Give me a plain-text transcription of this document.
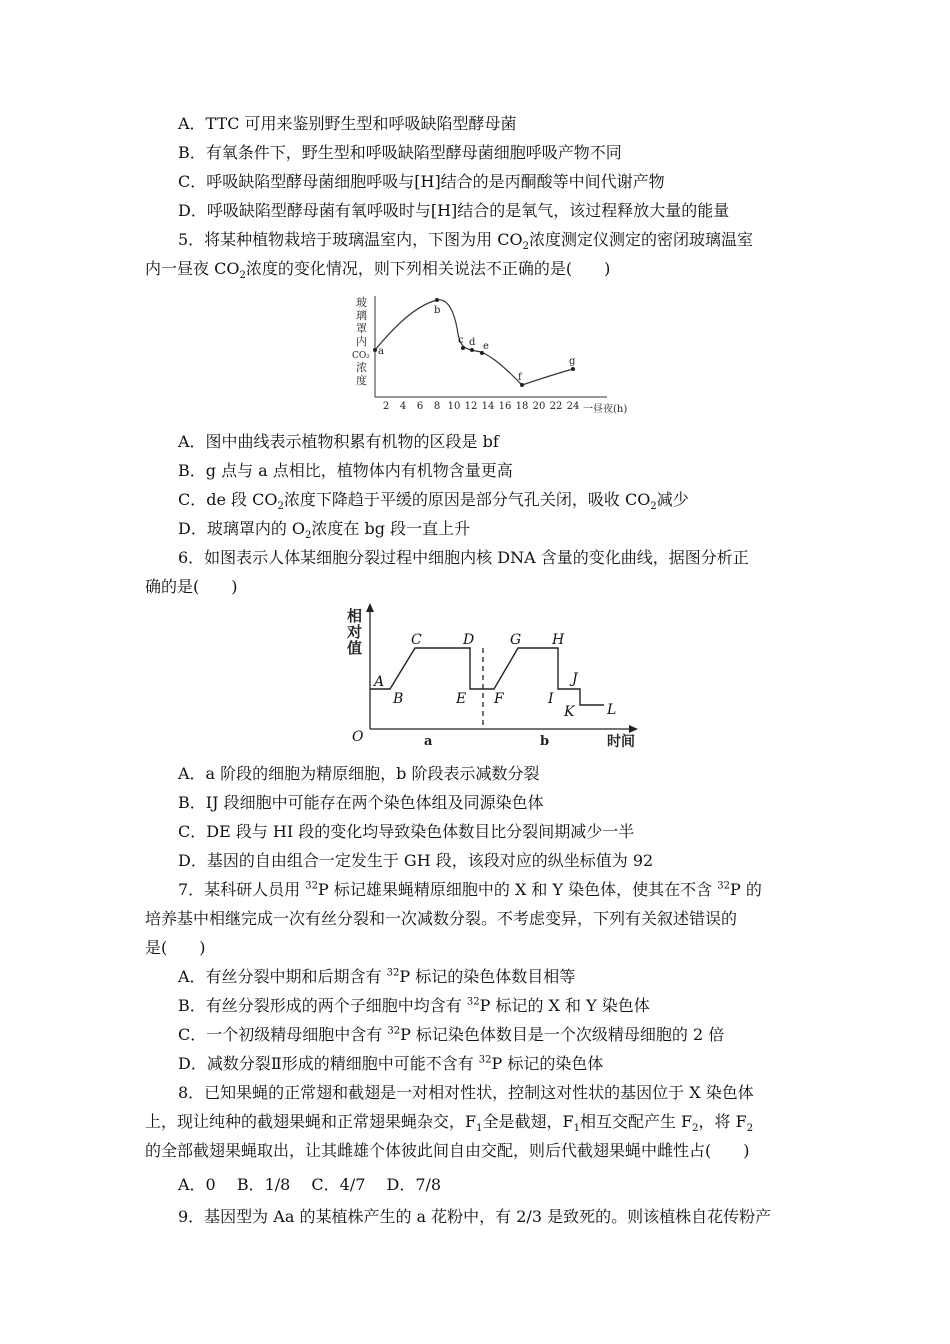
A．TTC 可用来鉴别野生型和呼吸缺陷型酵母菌
B．有氧条件下，野生型和呼吸缺陷型酵母菌细胞呼吸产物不同
C．呼吸缺陷型酵母菌细胞呼吸与[H]结合的是丙酮酸等中间代谢产物
D．呼吸缺陷型酵母菌有氧呼吸时与[H]结合的是氧气，该过程释放大量的能量
5．将某种植物栽培于玻璃温室内，下图为用 $CO_2$浓度测定仪测定的密闭玻璃温室
内一昼夜 $CO_2$浓度的变化情况，则下列相关说法不正确的是(　　)
玻
璃
罩
内
CO₂
浓
度
2 4 6 8 10 12 14 16 18 20 22 24 一昼夜(h)
a
b
c d e
f
g
A．图中曲线表示植物积累有机物的区段是 bf
B．g 点与 a 点相比，植物体内有机物含量更高
C．de 段 $CO_2$浓度下降趋于平缓的原因是部分气孔关闭，吸收 $CO_2$减少
D．玻璃罩内的 $O_2$浓度在 bg 段一直上升
6．如图表示人体某细胞分裂过程中细胞内核 DNA 含量的变化曲线，据图分析正
确的是(　　)
相
对
值
O	时间
a	b
A
B
C	D
E F
G H
I
J
K L
A．a 阶段的细胞为精原细胞，b 阶段表示减数分裂
B．IJ 段细胞中可能存在两个染色体组及同源染色体
C．DE 段与 HI 段的变化均导致染色体数目比分裂间期减少一半
D．基因的自由组合一定发生于 GH 段，该段对应的纵坐标值为 92
7．某科研人员用 $^{32}$P 标记雄果蝇精原细胞中的 X 和 Y 染色体，使其在不含 $^{32}$P 的
培养基中相继完成一次有丝分裂和一次减数分裂。不考虑变异，下列有关叙述错误的
是(　　)
A．有丝分裂中期和后期含有 $^{32}$P 标记的染色体数目相等
B．有丝分裂形成的两个子细胞中均含有 $^{32}$P 标记的 X 和 Y 染色体
C．一个初级精母细胞中含有 $^{32}$P 标记染色体数目是一个次级精母细胞的 2 倍
D．减数分裂Ⅱ形成的精细胞中可能不含有 $^{32}$P 标记的染色体
8．已知果蝇的正常翅和截翅是一对相对性状，控制这对性状的基因位于 X 染色体
上，现让纯种的截翅果蝇和正常翅果蝇杂交，$F_1$全是截翅，$F_1$相互交配产生 $F_2$，将 $F_2$
的全部截翅果蝇取出，让其雌雄个体彼此间自由交配，则后代截翅果蝇中雌性占(　　)
A．0　 B．1/8　 C．4/7　 D．7/8
9．基因型为 Aa 的某植株产生的 a 花粉中，有 2/3 是致死的。则该植株自花传粉产
